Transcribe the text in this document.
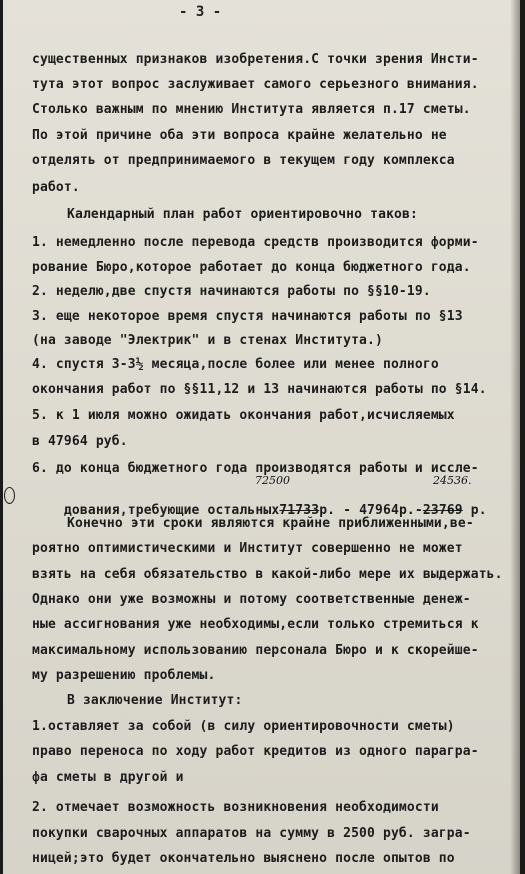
- 3 -
существенных признаков изобретения.С точки зрения Инсти-
тута этот вопрос заслуживает самого серьезного внимания.
Столько важным по мнению Института является п.17 сметы.
По этой причине оба эти вопроса крайне желательно не
отделять от предпринимаемого в текущем году комплекса
работ.
Календарный план работ ориентировочно таков:
1. немедленно после перевода средств производится форми-
рование Бюро,которое работает до конца бюджетного года.
2. неделю,две спустя начинаются работы по §§10-19.
3. еще некоторое время спустя начинаются работы по §13
(на заводе "Электрик" и в стенах Института.)
4. спустя 3-3½ месяца,после более или менее полного
окончания работ по §§11,12 и 13 начинаются работы по §14.
5. к 1 июля можно ожидать окончания работ,исчисляемых
в 47964 руб.
6. до конца бюджетного года производятся работы и иссле-
72500	24536.

дования,требующие остальных71733р. - 47964р.-23769 р.

Конечно эти сроки являются крайне приближенными,ве-
роятно оптимистическими и Институт совершенно не может
взять на себя обязательство в какой-либо мере их выдержать.
Однако они уже возможны и потому соответственные денеж-
ные ассигнования уже необходимы,если только стремиться к
максимальному использованию персонала Бюро и к скорейше-
му разрешению проблемы.
В заключение Институт:
1.оставляет за собой (в силу ориентировочности сметы)
право переноса по ходу работ кредитов из одного парагра-
фа сметы в другой и
2. отмечает возможность возникновения необходимости
покупки сварочных аппаратов на сумму в 2500 руб. загра-
ницей;это будет окончательно выяснено после опытов по
